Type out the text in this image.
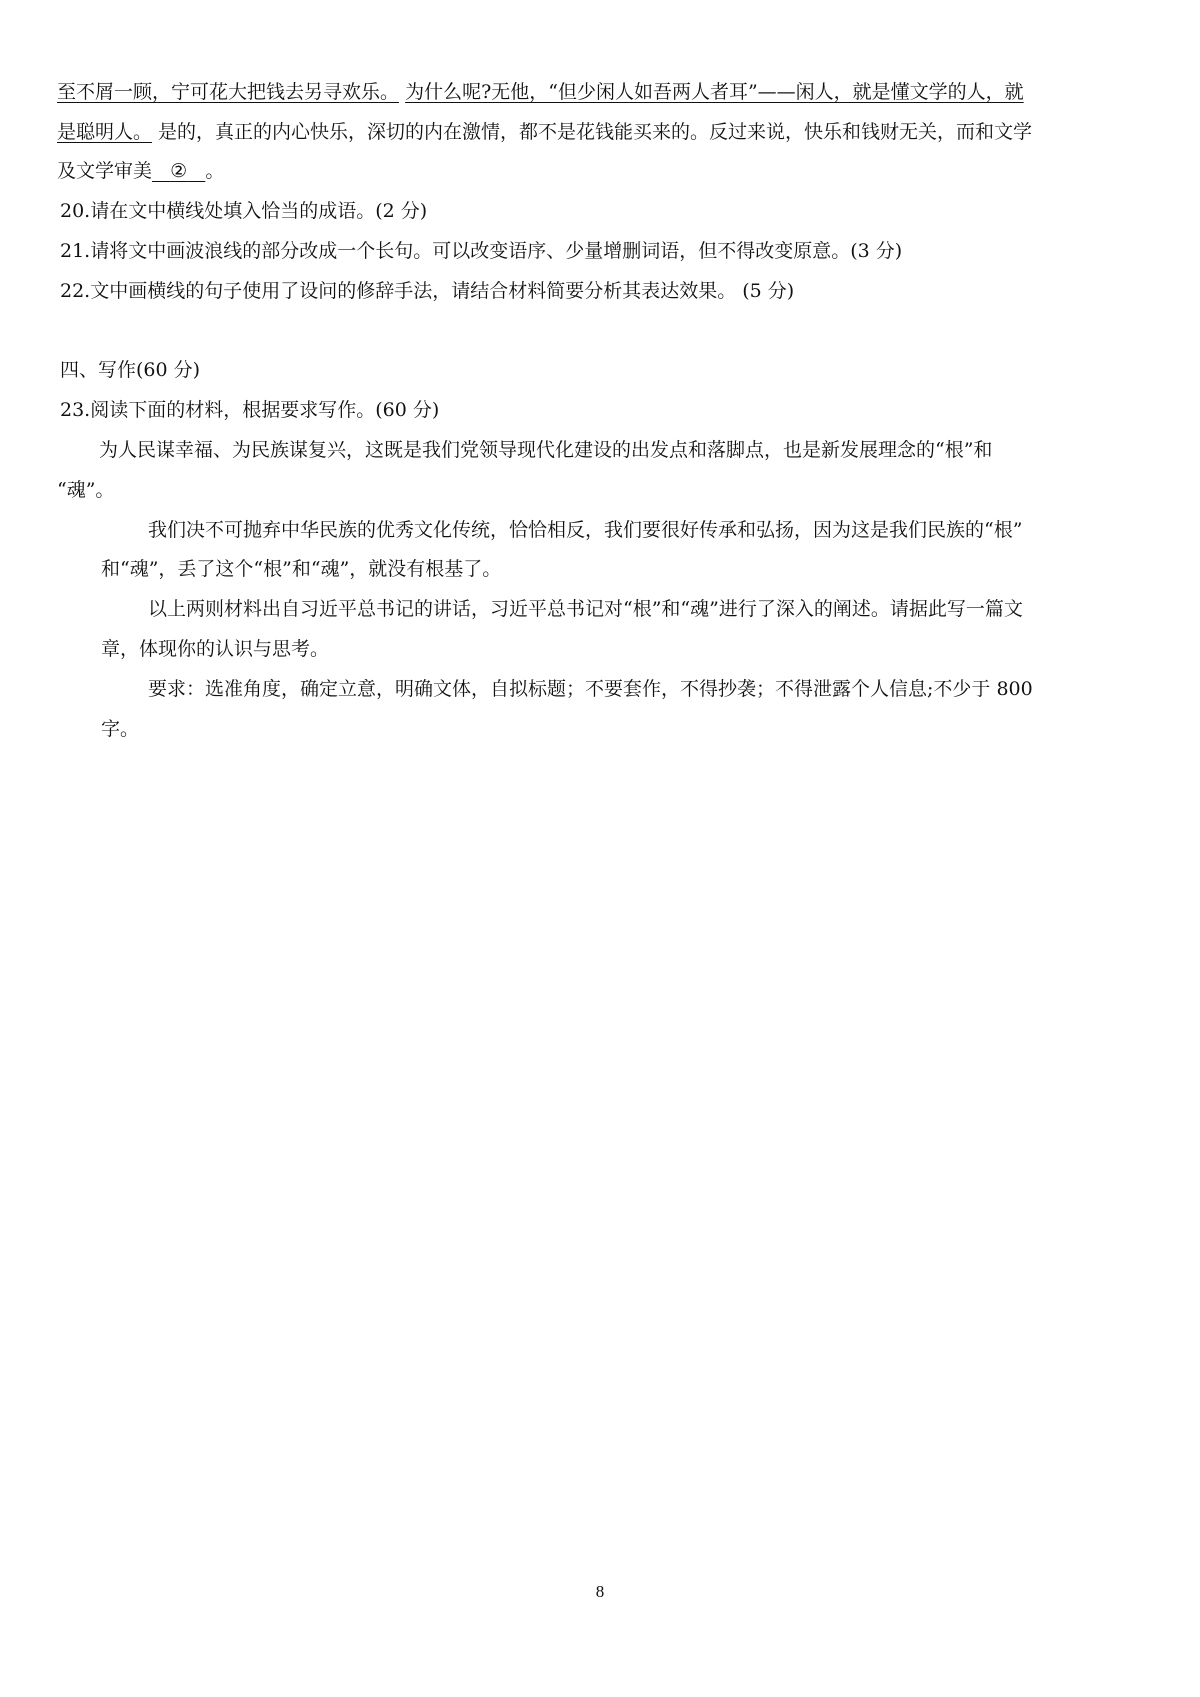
至不屑一顾，宁可花大把钱去另寻欢乐。 为什么呢?无他，“但少闲人如吾两人者耳”——闲人，就是懂文学的人，就
是聪明人。 是的，真正的内心快乐，深切的内在激情，都不是花钱能买来的。反过来说，快乐和钱财无关，而和文学
及文学审美 ② 。
20.请在文中横线处填入恰当的成语。(2 分)
21.请将文中画波浪线的部分改成一个长句。可以改变语序、少量增删词语，但不得改变原意。(3 分)
22.文中画横线的句子使用了设问的修辞手法，请结合材料简要分析其表达效果。 (5 分)
四、写作(60 分)
23.阅读下面的材料，根据要求写作。(60 分)
为人民谋幸福、为民族谋复兴，这既是我们党领导现代化建设的出发点和落脚点，也是新发展理念的“根”和
“魂”。
我们决不可抛弃中华民族的优秀文化传统，恰恰相反，我们要很好传承和弘扬，因为这是我们民族的“根”
和“魂”，丢了这个“根”和“魂”，就没有根基了。
以上两则材料出自习近平总书记的讲话，习近平总书记对“根”和“魂”进行了深入的阐述。请据此写一篇文
章，体现你的认识与思考。
要求：选准角度，确定立意，明确文体，自拟标题；不要套作，不得抄袭；不得泄露个人信息;不少于 800
字。
8
